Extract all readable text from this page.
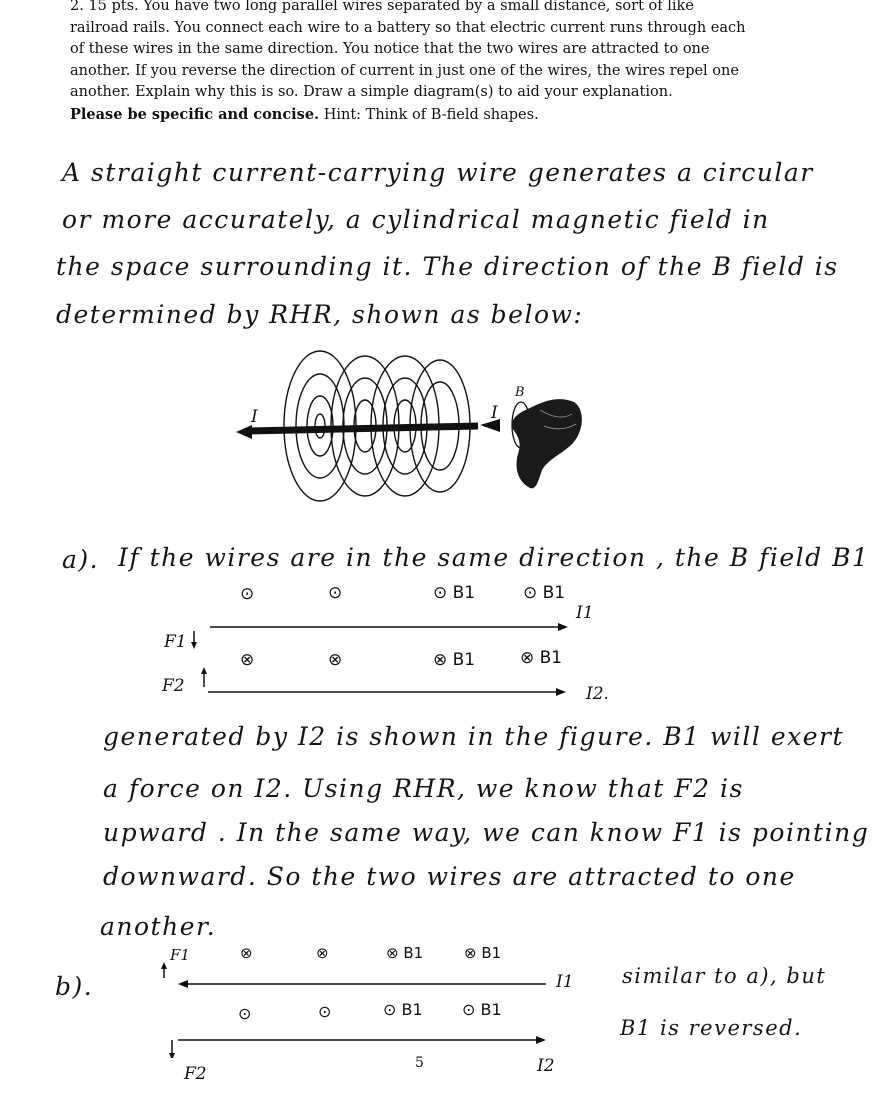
2. 15 pts. You have two long parallel wires separated by a small distance, sort of like

railroad rails. You connect each wire to a battery so that electric current runs through each

of these wires in the same direction. You notice that the two wires are attracted to one

another. If you reverse the direction of current in just one of the wires, the wires repel one

another. Explain why this is so. Draw a simple diagram(s) to aid your explanation.

Please be specific and concise. Hint: Think of B-field shapes.

A straight current-carrying wire generates a circular
or more accurately, a cylindrical magnetic field in
the space surrounding it. The direction of the B field is
determined by RHR, shown as below:
I	I
B
a). If the wires are in the same direction , the B field B1
⊙	⊙	⊙ B1	⊙ B1
I1
F1
F2
⊗	⊗	⊗ B1	⊗ B1
I2.
generated by I2 is shown in the figure. B1 will exert
a force on I2. Using RHR, we know that F2 is
upward . In the same way, we can know F1 is pointing
downward. So the two wires are attracted to one
another.
b).
F1	⊗	⊗	⊗ B1	⊗ B1
I1
⊙	⊙	⊙ B1 ⊙ B1
I2
F2
similar to a), but
B1 is reversed.
5
